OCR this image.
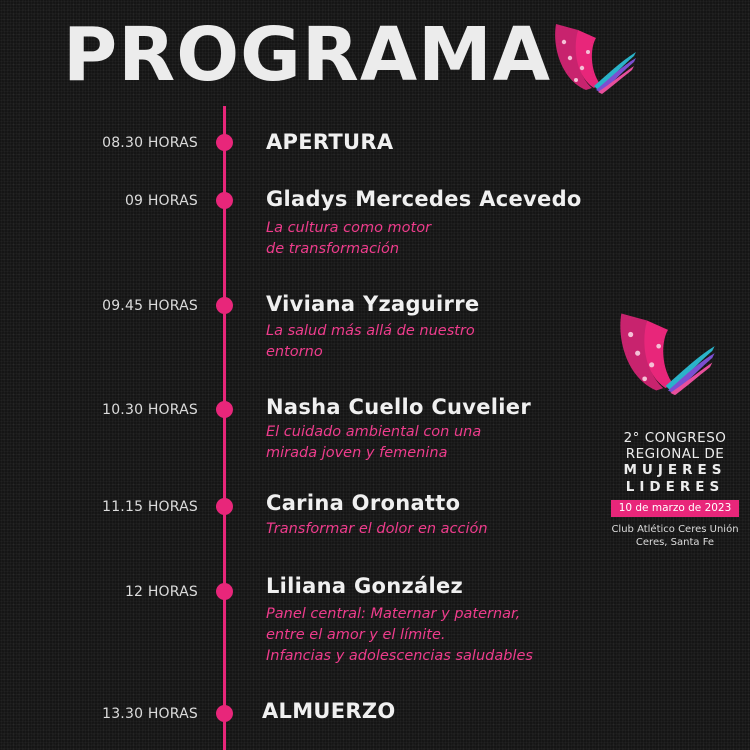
PROGRAMA
08.30 HORAS	APERTURA
09 HORAS	Gladys Mercedes Acevedo
La cultura como motor
de transformación
09.45 HORAS	Viviana Yzaguirre
La salud más allá de nuestro
entorno
10.30 HORAS	Nasha Cuello Cuvelier
El cuidado ambiental con una
mirada joven y femenina
11.15 HORAS	Carina Oronatto
Transformar el dolor en acción
12 HORAS	Liliana González
Panel central: Maternar y paternar,
entre el amor y el límite.
Infancias y adolescencias saludables
13.30 HORAS	ALMUERZO
2° CONGRESO
REGIONAL DE
MUJERES
LIDERES
10 de marzo de 2023
Club Atlético Ceres Unión
Ceres, Santa Fe
